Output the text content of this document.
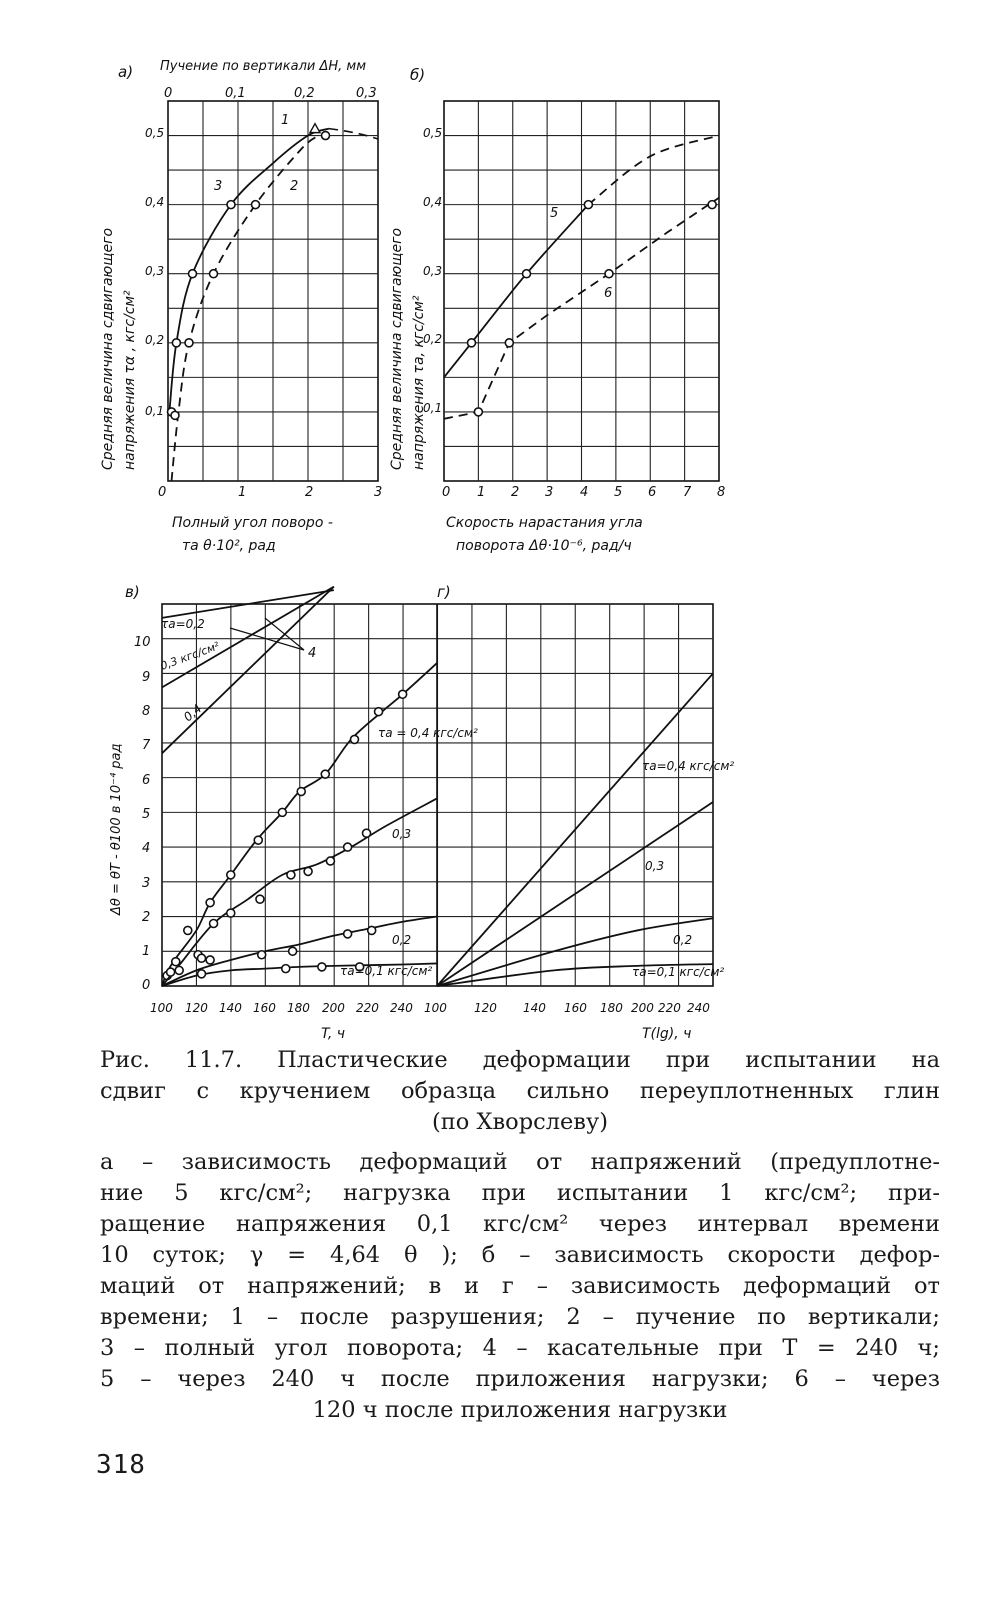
а)	б)
в)	г)
Пучение по вертикали ΔH, мм
0	0,1	0,2	0,3
0,1
0,2
0,3
0,4
0,5
0	1	2	3
Полный угол поворо -
та θ·10², рад
Средняя величина сдвигающего напряжения τα , кгс/см²
1
2
3
0,1
0,2
0,3
0,4
0,5
0 1 2 3 4 5 6 7 8
Скорость нарастания угла
поворота Δθ·10⁻⁶, рад/ч
Средняя величина сдвигающего напряжения τa, кгс/см²
5
6
0
1
2
3
4
5
6
7
8
9
10
Δθ = θT - θ100 в 10⁻⁴ рад
100 120 140 160 180 200 220 240 100 120 140 160 180 200 220 240
T, ч	T(lg), ч
τa=0,2
0,3 кгс/см²
0,4
4
τa = 0,4 кгс/см²
0,3
0,2
τa=0,1 кгс/см²
τa=0,4 кгс/см²
0,3
0,2
τa=0,1 кгс/см²
Рис. 11.7. Пластические деформации при испытании на
сдвиг с кручением образца сильно переуплотненных глин
(по Хворслеву)
а – зависимость деформаций от напряжений (предуплотне-
ние 5 кгс/см²; нагрузка при испытании 1 кгс/см²; при-
ращение напряжения 0,1 кгс/см² через интервал времени
10 суток; γ = 4,64 θ ); б – зависимость скорости дефор-
маций от напряжений; в и г – зависимость деформаций от
времени; 1 – после разрушения; 2 – пучение по вертикали;
3 – полный угол поворота; 4 – касательные при T = 240 ч;
5 – через 240 ч после приложения нагрузки; 6 – через
120 ч после приложения нагрузки
318
